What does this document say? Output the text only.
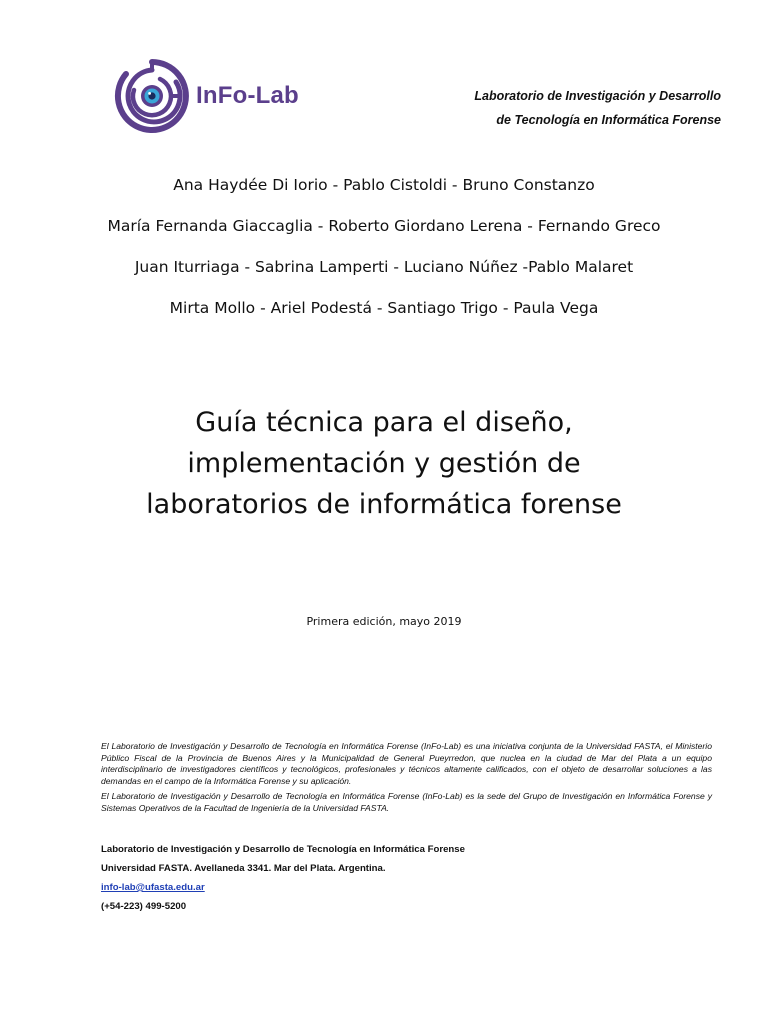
InFo-Lab	Laboratorio de Investigación y Desarrollo
de Tecnología en Informática Forense
Ana Haydée Di Iorio - Pablo Cistoldi - Bruno Constanzo
María Fernanda Giaccaglia - Roberto Giordano Lerena - Fernando Greco
Juan Iturriaga - Sabrina Lamperti - Luciano Núñez -Pablo Malaret
Mirta Mollo - Ariel Podestá - Santiago Trigo - Paula Vega
Guía técnica para el diseño,
implementación y gestión de
laboratorios de informática forense
Primera edición, mayo 2019

El Laboratorio de Investigación y Desarrollo de Tecnología en Informática Forense (InFo-Lab) es una iniciativa conjunta de la Universidad FASTA, el Ministerio Público Fiscal de la Provincia de Buenos Aires y la Municipalidad de General Pueyrredon, que nuclea en la ciudad de Mar del Plata a un equipo interdisciplinario de investigadores científicos y tecnológicos, profesionales y técnicos altamente calificados, con el objeto de desarrollar soluciones a las demandas en el campo de la Informática Forense y su aplicación.

El Laboratorio de Investigación y Desarrollo de Tecnología en Informática Forense (InFo-Lab) es la sede del Grupo de Investigación en Informática Forense y Sistemas Operativos de la Facultad de Ingeniería de la Universidad FASTA.

Laboratorio de Investigación y Desarrollo de Tecnología en Informática Forense
Universidad FASTA. Avellaneda 3341. Mar del Plata. Argentina.
info-lab@ufasta.edu.ar
(+54-223) 499-5200
